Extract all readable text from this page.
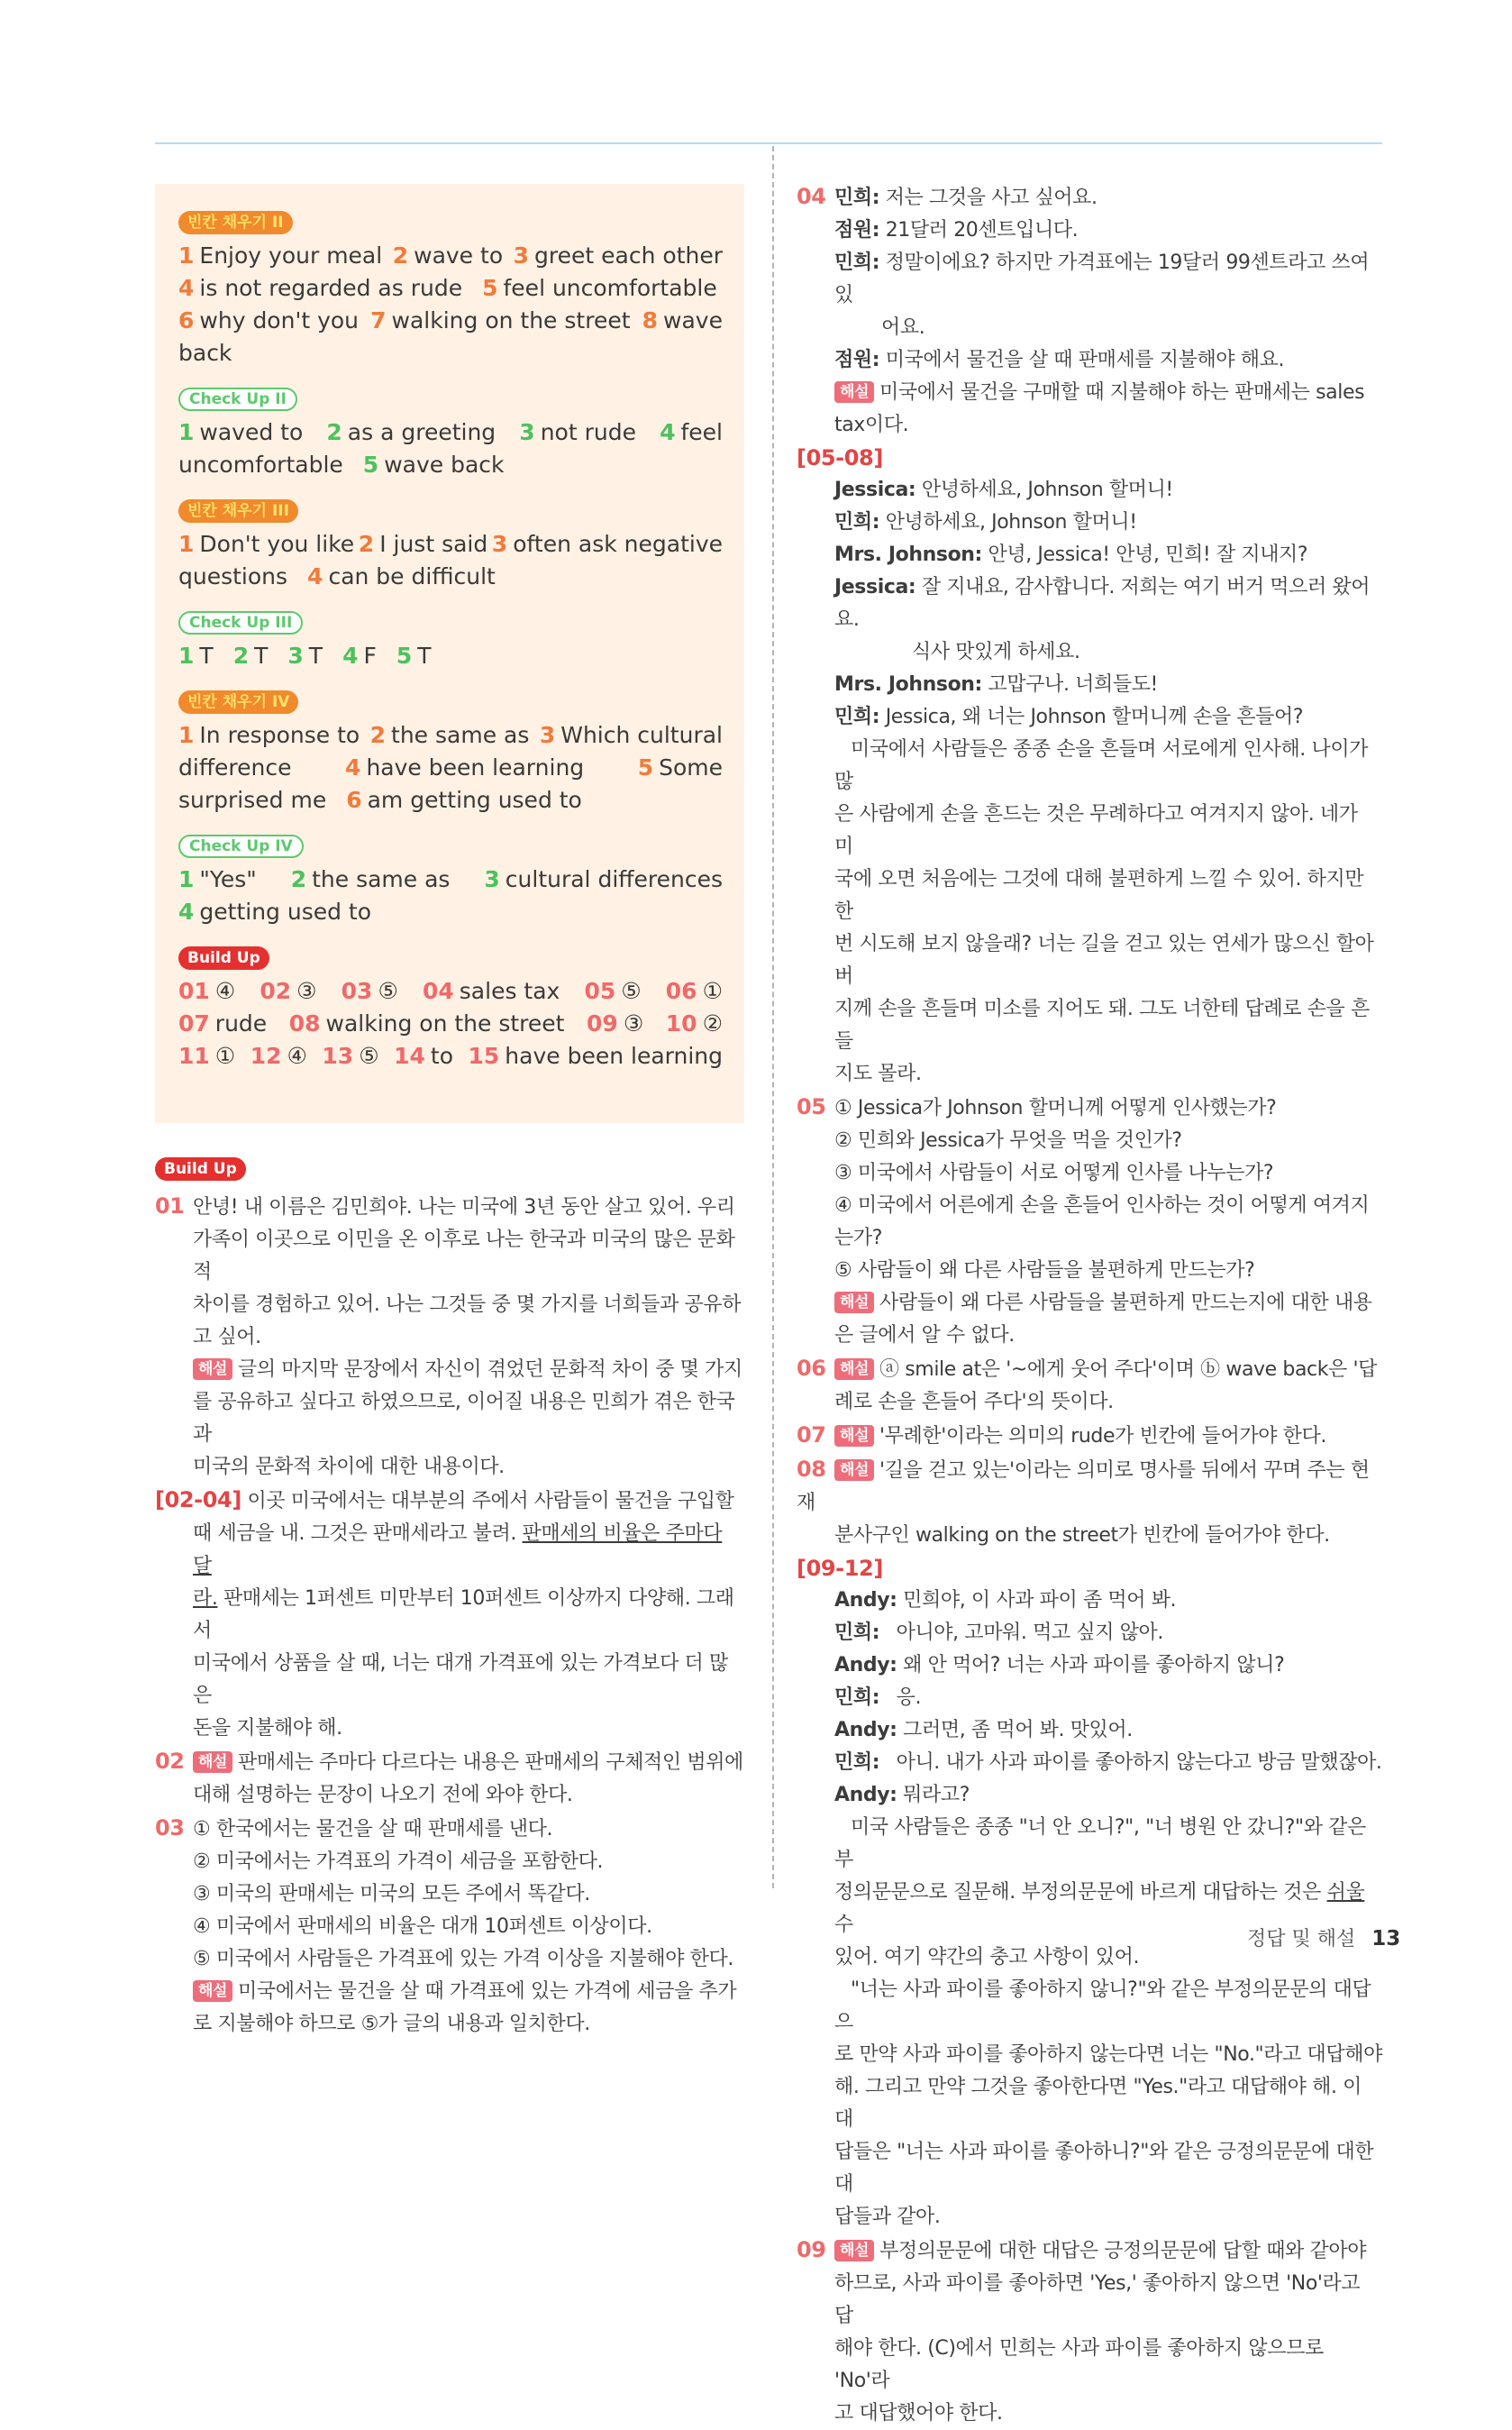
빈칸 채우기 II
1 Enjoy your meal 2 wave to 3 greet each other
4 is not regarded as rude 5 feel uncomfortable
6 why don't you 7 walking on the street 8 wave
back
Check Up II
1 waved to 2 as a greeting 3 not rude 4 feel
uncomfortable 5 wave back
빈칸 채우기 III
1 Don't you like 2 I just said 3 often ask negative
questions 4 can be difficult
Check Up III
1 T 2 T 3 T 4 F 5 T
빈칸 채우기 IV
1 In response to 2 the same as 3 Which cultural
difference 4 have been learning 5 Some
surprised me 6 am getting used to
Check Up IV
1 "Yes" 2 the same as 3 cultural differences
4 getting used to
Build Up
01 ④ 02 ③ 03 ⑤ 04 sales tax 05 ⑤ 06 ①
07 rude 08 walking on the street 09 ③ 10 ②
11 ① 12 ④ 13 ⑤ 14 to 15 have been learning
Build Up
01 안녕! 내 이름은 김민희야. 나는 미국에 3년 동안 살고 있어. 우리
가족이 이곳으로 이민을 온 이후로 나는 한국과 미국의 많은 문화적
차이를 경험하고 있어. 나는 그것들 중 몇 가지를 너희들과 공유하
고 싶어.
해설 글의 마지막 문장에서 자신이 겪었던 문화적 차이 중 몇 가지
를 공유하고 싶다고 하였으므로, 이어질 내용은 민희가 겪은 한국과
미국의 문화적 차이에 대한 내용이다.
[02-04] 이곳 미국에서는 대부분의 주에서 사람들이 물건을 구입할
때 세금을 내. 그것은 판매세라고 불려. 판매세의 비율은 주마다 달
라. 판매세는 1퍼센트 미만부터 10퍼센트 이상까지 다양해. 그래서
미국에서 상품을 살 때, 너는 대개 가격표에 있는 가격보다 더 많은
돈을 지불해야 해.
02 해설 판매세는 주마다 다르다는 내용은 판매세의 구체적인 범위에
대해 설명하는 문장이 나오기 전에 와야 한다.
03 ① 한국에서는 물건을 살 때 판매세를 낸다.
② 미국에서는 가격표의 가격이 세금을 포함한다.
③ 미국의 판매세는 미국의 모든 주에서 똑같다.
④ 미국에서 판매세의 비율은 대개 10퍼센트 이상이다.
⑤ 미국에서 사람들은 가격표에 있는 가격 이상을 지불해야 한다.
해설 미국에서는 물건을 살 때 가격표에 있는 가격에 세금을 추가
로 지불해야 하므로 ⑤가 글의 내용과 일치한다.
04 민희: 저는 그것을 사고 싶어요.
점원: 21달러 20센트입니다.
민희: 정말이에요? 하지만 가격표에는 19달러 99센트라고 쓰여 있
어요.
점원: 미국에서 물건을 살 때 판매세를 지불해야 해요.
해설 미국에서 물건을 구매할 때 지불해야 하는 판매세는 sales
tax이다.
[05-08]
Jessica: 안녕하세요, Johnson 할머니!
민희: 안녕하세요, Johnson 할머니!
Mrs. Johnson: 안녕, Jessica! 안녕, 민희! 잘 지내지?
Jessica: 잘 지내요, 감사합니다. 저희는 여기 버거 먹으러 왔어요.
식사 맛있게 하세요.
Mrs. Johnson: 고맙구나. 너희들도!
민희: Jessica, 왜 너는 Johnson 할머니께 손을 흔들어?
미국에서 사람들은 종종 손을 흔들며 서로에게 인사해. 나이가 많
은 사람에게 손을 흔드는 것은 무례하다고 여겨지지 않아. 네가 미
국에 오면 처음에는 그것에 대해 불편하게 느낄 수 있어. 하지만 한
번 시도해 보지 않을래? 너는 길을 걷고 있는 연세가 많으신 할아버
지께 손을 흔들며 미소를 지어도 돼. 그도 너한테 답례로 손을 흔들
지도 몰라.
05 ① Jessica가 Johnson 할머니께 어떻게 인사했는가?
② 민희와 Jessica가 무엇을 먹을 것인가?
③ 미국에서 사람들이 서로 어떻게 인사를 나누는가?
④ 미국에서 어른에게 손을 흔들어 인사하는 것이 어떻게 여겨지는가?
⑤ 사람들이 왜 다른 사람들을 불편하게 만드는가?
해설 사람들이 왜 다른 사람들을 불편하게 만드는지에 대한 내용
은 글에서 알 수 없다.
06 해설 ⓐ smile at은 '~에게 웃어 주다'이며 ⓑ wave back은 '답
례로 손을 흔들어 주다'의 뜻이다.
07 해설 '무례한'이라는 의미의 rude가 빈칸에 들어가야 한다.
08 해설 '길을 걷고 있는'이라는 의미로 명사를 뒤에서 꾸며 주는 현재
분사구인 walking on the street가 빈칸에 들어가야 한다.
[09-12]
Andy: 민희야, 이 사과 파이 좀 먹어 봐.
민희: 아니야, 고마워. 먹고 싶지 않아.
Andy: 왜 안 먹어? 너는 사과 파이를 좋아하지 않니?
민희: 응.
Andy: 그러면, 좀 먹어 봐. 맛있어.
민희: 아니. 내가 사과 파이를 좋아하지 않는다고 방금 말했잖아.
Andy: 뭐라고?
미국 사람들은 종종 "너 안 오니?", "너 병원 안 갔니?"와 같은 부
정의문문으로 질문해. 부정의문문에 바르게 대답하는 것은 쉬울 수
있어. 여기 약간의 충고 사항이 있어.
"너는 사과 파이를 좋아하지 않니?"와 같은 부정의문문의 대답으
로 만약 사과 파이를 좋아하지 않는다면 너는 "No."라고 대답해야
해. 그리고 만약 그것을 좋아한다면 "Yes."라고 대답해야 해. 이 대
답들은 "너는 사과 파이를 좋아하니?"와 같은 긍정의문문에 대한 대
답들과 같아.
09 해설 부정의문문에 대한 대답은 긍정의문문에 답할 때와 같아야
하므로, 사과 파이를 좋아하면 'Yes,' 좋아하지 않으면 'No'라고 답
해야 한다. (C)에서 민희는 사과 파이를 좋아하지 않으므로 'No'라
고 대답했어야 한다.
정답 및 해설 13
